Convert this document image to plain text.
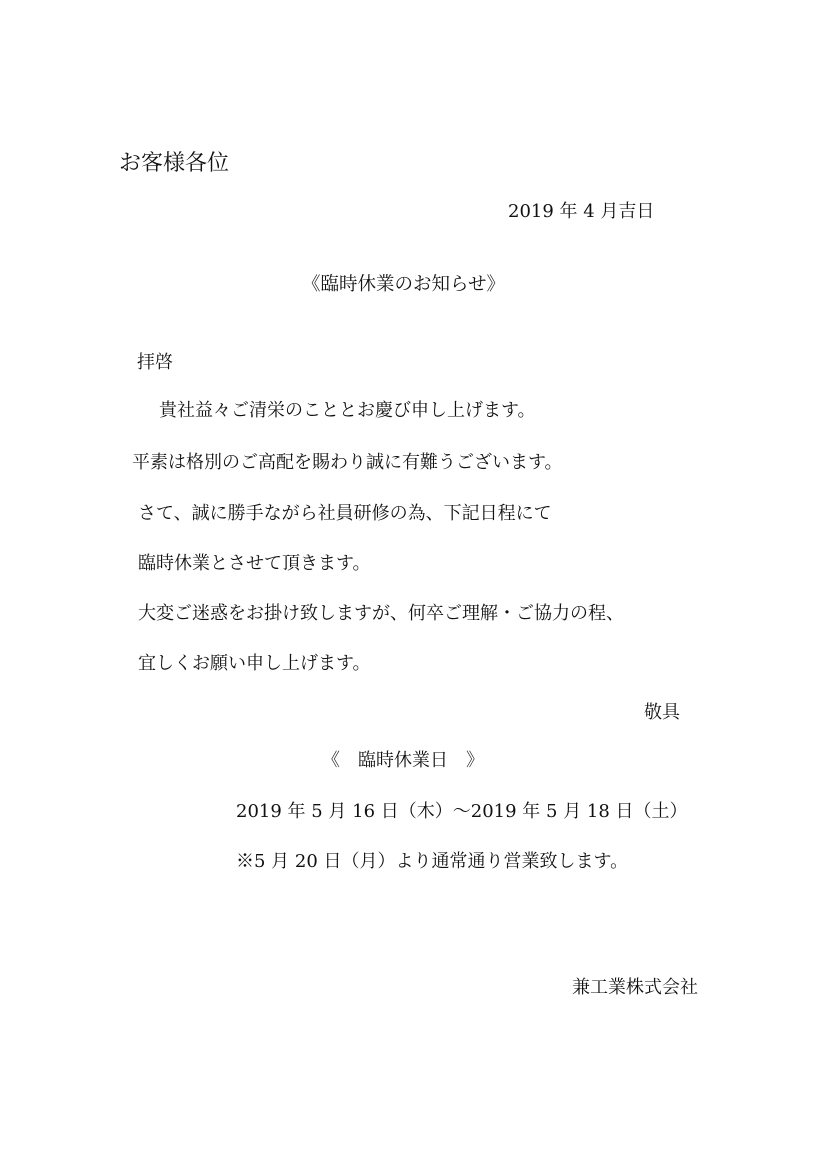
お客様各位
2019 年 4 月吉日
《臨時休業のお知らせ》
拝啓
貴社益々ご清栄のこととお慶び申し上げます。
平素は格別のご高配を賜わり誠に有難うございます。
さて、誠に勝手ながら社員研修の為、下記日程にて
臨時休業とさせて頂きます。
大変ご迷惑をお掛け致しますが、何卒ご理解・ご協力の程、
宜しくお願い申し上げます。
敬具
《　臨時休業日　》
2019 年 5 月 16 日（木）～2019 年 5 月 18 日（土）
※5 月 20 日（月）より通常通り営業致します。
兼工業株式会社
